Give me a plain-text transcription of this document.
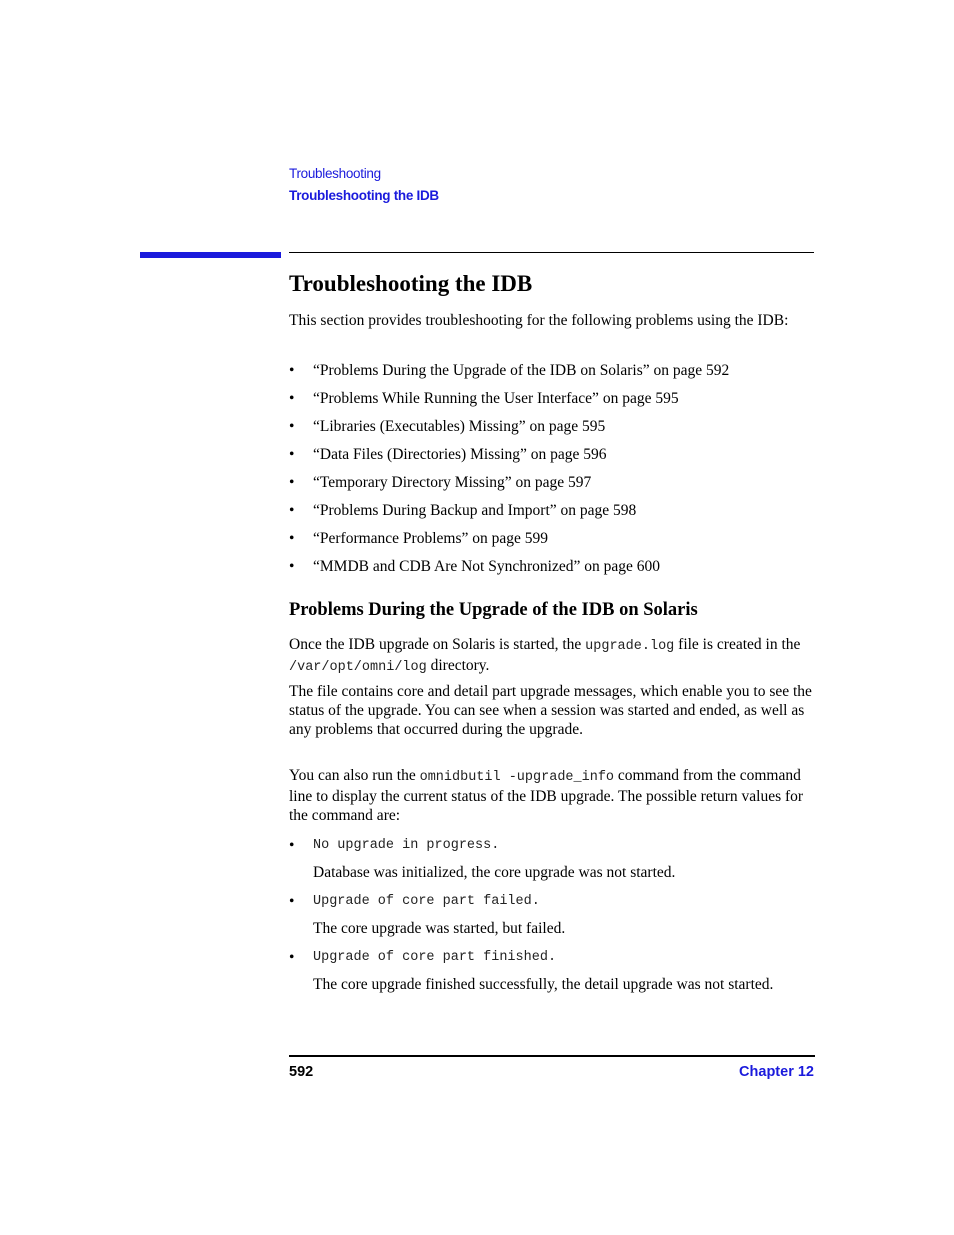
Troubleshooting
Troubleshooting the IDB
Troubleshooting the IDB

This section provides troubleshooting for the following problems using the IDB:

• “Problems During the Upgrade of the IDB on Solaris” on page 592
• “Problems While Running the User Interface” on page 595
• “Libraries (Executables) Missing” on page 595
• “Data Files (Directories) Missing” on page 596
• “Temporary Directory Missing” on page 597
• “Problems During Backup and Import” on page 598
• “Performance Problems” on page 599
• “MMDB and CDB Are Not Synchronized” on page 600
Problems During the Upgrade of the IDB on Solaris

Once the IDB upgrade on Solaris is started, the upgrade.log file is created in the /var/opt/omni/log directory.

The file contains core and detail part upgrade messages, which enable you to see the status of the upgrade. You can see when a session was started and ended, as well as any problems that occurred during the upgrade.

You can also run the omnidbutil -upgrade_info command from the command line to display the current status of the IDB upgrade. The possible return values for the command are:

• No upgrade in progress.

Database was initialized, the core upgrade was not started.

• Upgrade of core part failed.

The core upgrade was started, but failed.

• Upgrade of core part finished.

The core upgrade finished successfully, the detail upgrade was not started.

592	Chapter 12
